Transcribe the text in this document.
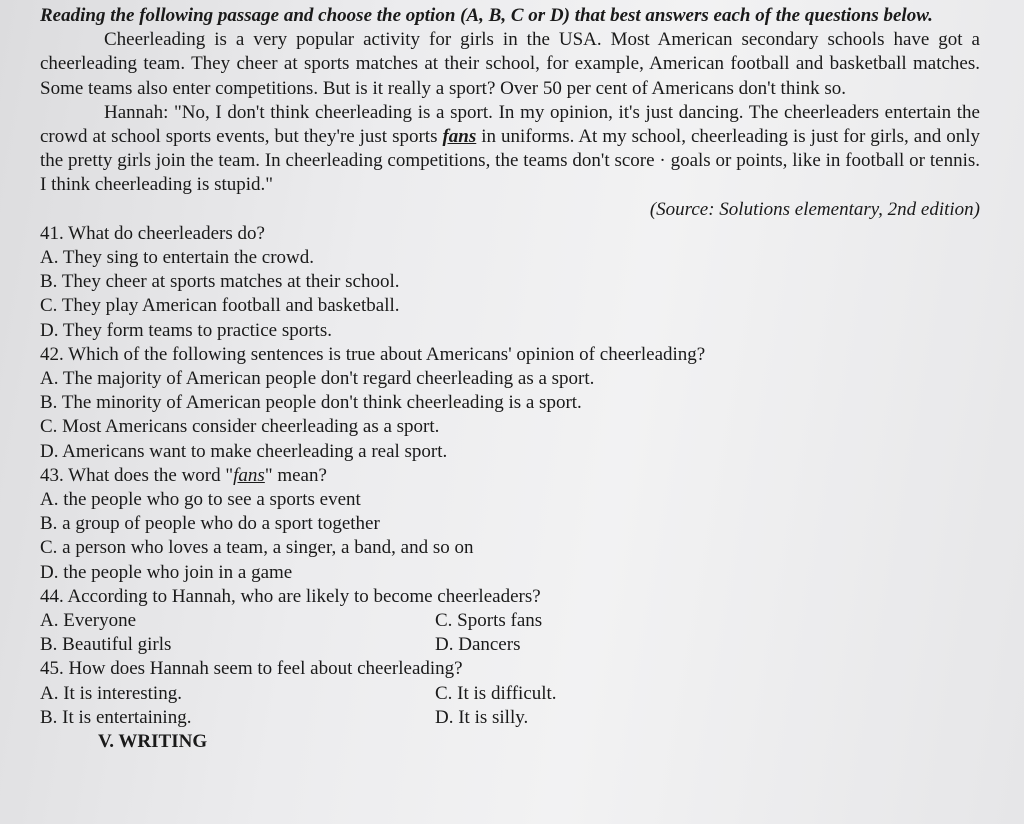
Reading the following passage and choose the option (A, B, C or D) that best answers each of the questions below.
Cheerleading is a very popular activity for girls in the USA. Most American secondary schools have got a cheerleading team. They cheer at sports matches at their school, for example, American football and basketball matches. Some teams also enter competitions. But is it really a sport? Over 50 per cent of Americans don't think so.
Hannah: "No, I don't think cheerleading is a sport. In my opinion, it's just dancing. The cheerleaders entertain the crowd at school sports events, but they're just sports fans in uniforms. At my school, cheerleading is just for girls, and only the pretty girls join the team. In cheerleading competitions, the teams don't score · goals or points, like in football or tennis. I think cheerleading is stupid."
(Source: Solutions elementary, 2nd edition)
41. What do cheerleaders do?
A. They sing to entertain the crowd.
B. They cheer at sports matches at their school.
C. They play American football and basketball.
D. They form teams to practice sports.
42. Which of the following sentences is true about Americans' opinion of cheerleading?
A. The majority of American people don't regard cheerleading as a sport.
B. The minority of American people don't think cheerleading is a sport.
C. Most Americans consider cheerleading as a sport.
D. Americans want to make cheerleading a real sport.
43. What does the word "fans" mean?
A. the people who go to see a sports event
B. a group of people who do a sport together
C. a person who loves a team, a singer, a band, and so on
D. the people who join in a game
44. According to Hannah, who are likely to become cheerleaders?
A. Everyone	C. Sports fans
B. Beautiful girls	D. Dancers
45. How does Hannah seem to feel about cheerleading?
A. It is interesting.	C. It is difficult.
B. It is entertaining.	D. It is silly.
V. WRITING
